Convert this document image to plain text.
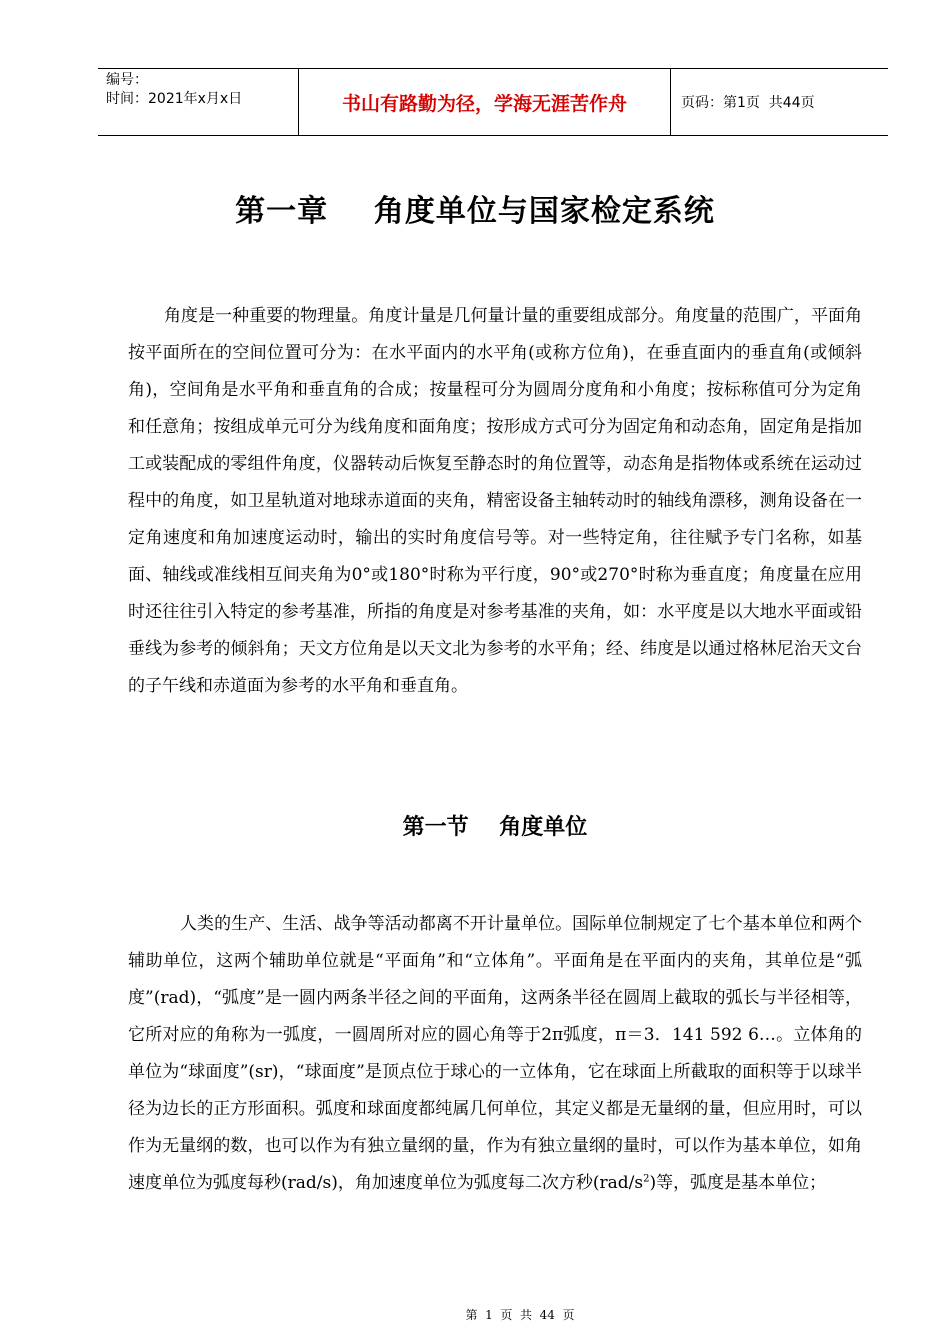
编号：
时间：2021年x月x日	书山有路勤为径，学海无涯苦作舟	页码：第1页  共44页
第一章    角度单位与国家检定系统

角度是一种重要的物理量。角度计量是几何量计量的重要组成部分。角度量的范围广，平面角按平面所在的空间位置可分为：在水平面内的水平角(或称方位角)，在垂直面内的垂直角(或倾斜角)，空间角是水平角和垂直角的合成；按量程可分为圆周分度角和小角度；按标称值可分为定角和任意角；按组成单元可分为线角度和面角度；按形成方式可分为固定角和动态角，固定角是指加工或装配成的零组件角度，仪器转动后恢复至静态时的角位置等，动态角是指物体或系统在运动过程中的角度，如卫星轨道对地球赤道面的夹角，精密设备主轴转动时的轴线角漂移，测角设备在一定角速度和角加速度运动时，输出的实时角度信号等。对一些特定角，往往赋予专门名称，如基面、轴线或准线相互间夹角为0°或180°时称为平行度，90°或270°时称为垂直度；角度量在应用时还往往引入特定的参考基准，所指的角度是对参考基准的夹角，如：水平度是以大地水平面或铅垂线为参考的倾斜角；天文方位角是以天文北为参考的水平角；经、纬度是以通过格林尼治天文台的子午线和赤道面为参考的水平角和垂直角。

第一节    角度单位

人类的生产、生活、战争等活动都离不开计量单位。国际单位制规定了七个基本单位和两个辅助单位，这两个辅助单位就是“平面角”和“立体角”。平面角是在平面内的夹角，其单位是“弧度”(rad)，“弧度”是一圆内两条半径之间的平面角，这两条半径在圆周上截取的弧长与半径相等，它所对应的角称为一弧度，一圆周所对应的圆心角等于2π弧度，π＝3．141 592 6…。立体角的单位为“球面度”(sr)，“球面度”是顶点位于球心的一立体角，它在球面上所截取的面积等于以球半径为边长的正方形面积。弧度和球面度都纯属几何单位，其定义都是无量纲的量，但应用时，可以作为无量纲的数，也可以作为有独立量纲的量，作为有独立量纲的量时，可以作为基本单位，如角速度单位为弧度每秒(rad/s)，角加速度单位为弧度每二次方秒$(rad/s^2)$等，弧度是基本单位；

第  1  页  共  44  页
